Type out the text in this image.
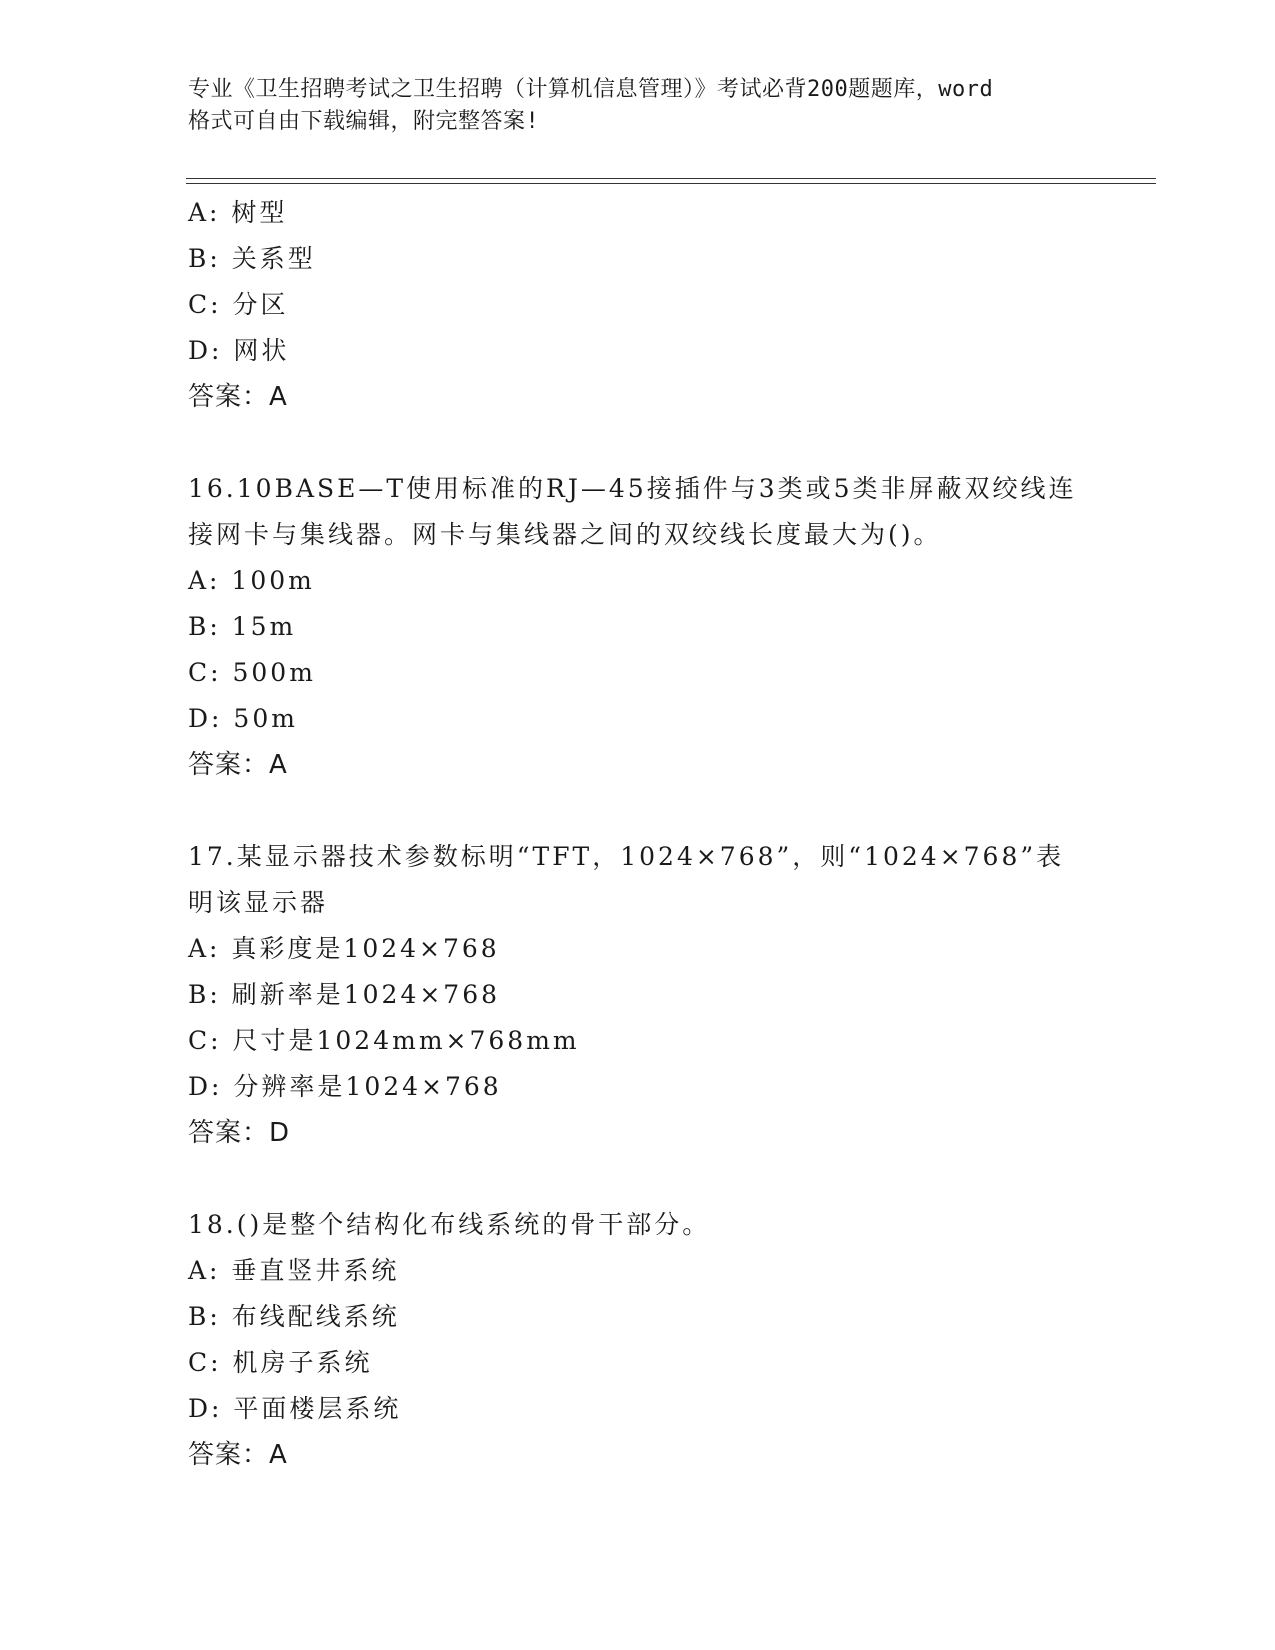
专业《卫生招聘考试之卫生招聘（计算机信息管理）》考试必背200题题库，word
格式可自由下载编辑，附完整答案!
A: 树型
B: 关系型
C: 分区
D: 网状
答案：A
16.10BASE—T使用标准的RJ—45接插件与3类或5类非屏蔽双绞线连
接网卡与集线器。网卡与集线器之间的双绞线长度最大为()。
A: 100m
B: 15m
C: 500m
D: 50m
答案：A
17.某显示器技术参数标明“TFT，1024×768”，则“1024×768”表
明该显示器
A: 真彩度是1024×768
B: 刷新率是1024×768
C: 尺寸是1024mm×768mm
D: 分辨率是1024×768
答案：D
18.()是整个结构化布线系统的骨干部分。
A: 垂直竖井系统
B: 布线配线系统
C: 机房子系统
D: 平面楼层系统
答案：A
